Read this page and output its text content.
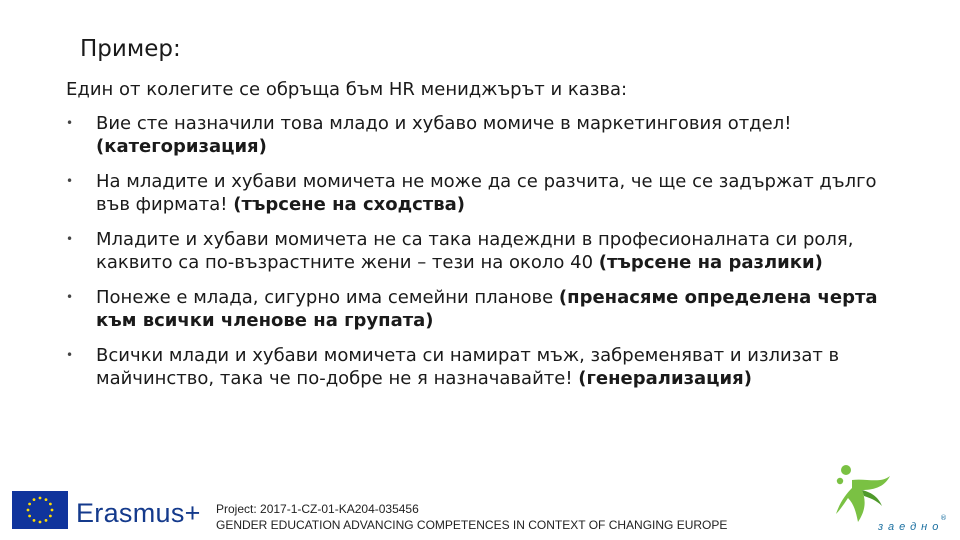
Пример:
Един от колегите се обръща бъм HR мениджърът и казва:
• Вие сте назначили това младо и хубаво момиче в маркетинговия отдел! (категоризация)
• На младите и хубави момичета не може да се разчита, че ще се задържат дълго във фирмата! (търсене на сходства)
• Младите и хубави момичета не са така надеждни в професионалната си роля, каквито са по-възрастните жени – тези на около 40 (търсене на разлики)
• Понеже е млада, сигурно има семейни планове (пренасяме определена черта към всички членове на групата)
• Всички млади и хубави момичета си намират мъж, забременяват и излизат в майчинство, така че по-добре не я назначавайте! (генерализация)
Erasmus+ Project: 2017-1-CZ-01-KA204-035456
GENDER EDUCATION ADVANCING COMPETENCES IN CONTEXT OF CHANGING EUROPE	заедно
®
